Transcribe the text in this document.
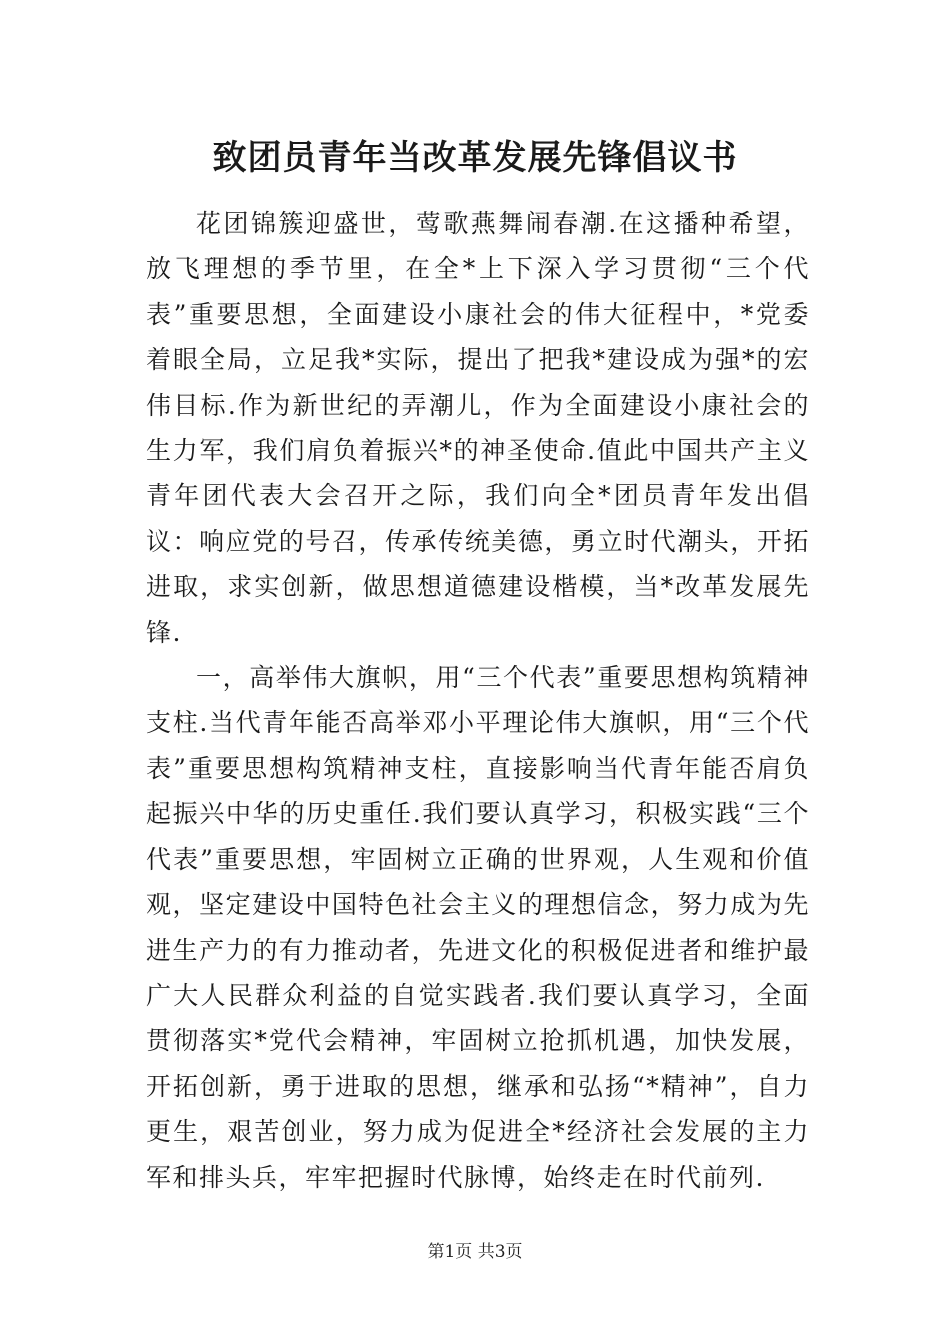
致团员青年当改革发展先锋倡议书

花团锦簇迎盛世，莺歌燕舞闹春潮.在这播种希望，放飞理想的季节里，在全*上下深入学习贯彻“三个代表”重要思想，全面建设小康社会的伟大征程中，*党委着眼全局，立足我*实际，提出了把我*建设成为强*的宏伟目标.作为新世纪的弄潮儿，作为全面建设小康社会的生力军，我们肩负着振兴*的神圣使命.值此中国共产主义青年团代表大会召开之际，我们向全*团员青年发出倡议：响应党的号召，传承传统美德，勇立时代潮头，开拓进取，求实创新，做思想道德建设楷模，当*改革发展先锋.

一，高举伟大旗帜，用“三个代表”重要思想构筑精神支柱.当代青年能否高举邓小平理论伟大旗帜，用“三个代表”重要思想构筑精神支柱，直接影响当代青年能否肩负起振兴中华的历史重任.我们要认真学习，积极实践“三个代表”重要思想，牢固树立正确的世界观，人生观和价值观，坚定建设中国特色社会主义的理想信念，努力成为先进生产力的有力推动者，先进文化的积极促进者和维护最广大人民群众利益的自觉实践者.我们要认真学习，全面贯彻落实*党代会精神，牢固树立抢抓机遇，加快发展，开拓创新，勇于进取的思想，继承和弘扬“*精神”，自力更生，艰苦创业，努力成为促进全*经济社会发展的主力军和排头兵，牢牢把握时代脉博，始终走在时代前列.

第1页 共3页
